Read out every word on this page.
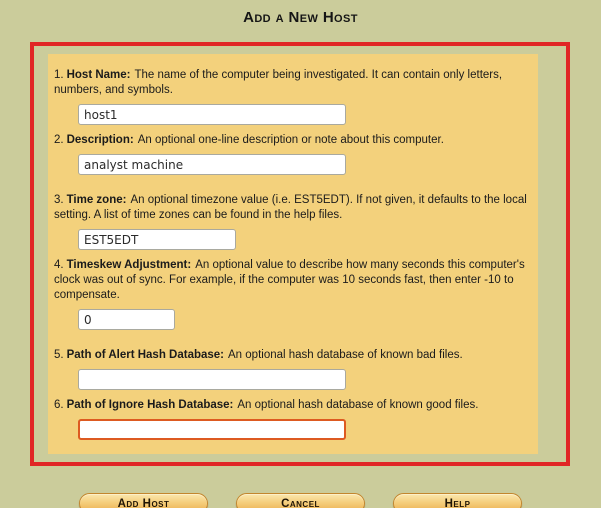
Add a New Host

1. Host Name: The name of the computer being investigated. It can contain only letters, numbers, and symbols.

host1

2. Description: An optional one-line description or note about this computer.

analyst machine

3. Time zone: An optional timezone value (i.e. EST5EDT). If not given, it defaults to the local setting. A list of time zones can be found in the help files.

EST5EDT

4. Timeskew Adjustment: An optional value to describe how many seconds this computer's clock was out of sync. For example, if the computer was 10 seconds fast, then enter -10 to compensate.

0

5. Path of Alert Hash Database: An optional hash database of known bad files.

6. Path of Ignore Hash Database: An optional hash database of known good files.

Add Host	Cancel	Help
